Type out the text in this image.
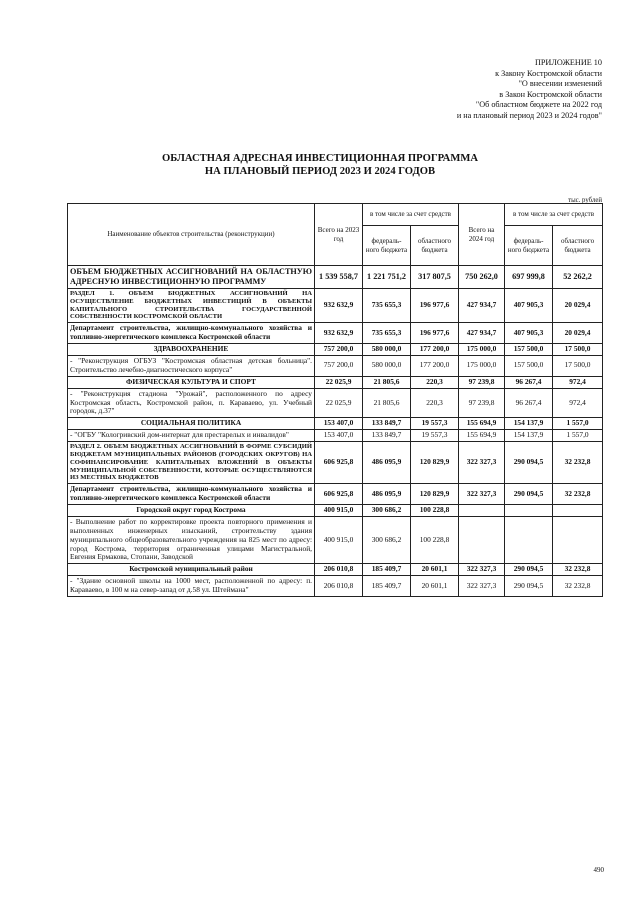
ПРИЛОЖЕНИЕ 10
к Закону Костромской области
"О внесении изменений
в Закон Костромской области
"Об областном бюджете на 2022 год
и на плановый период 2023 и 2024 годов"
ОБЛАСТНАЯ АДРЕСНАЯ ИНВЕСТИЦИОННАЯ ПРОГРАММА
НА ПЛАНОВЫЙ ПЕРИОД 2023 И 2024 ГОДОВ
тыс. рублей
Наименование объектов строительства (реконструкции)	Всего на 2023 год	в том числе за счет средств		Всего на 2024 год	в том числе за счет средств	
		федераль-ного бюджета	областного бюджета		федераль-ного бюджета	областного бюджета
ОБЪЕМ БЮДЖЕТНЫХ АССИГНОВАНИЙ НА ОБЛАСТНУЮ АДРЕСНУЮ ИНВЕСТИЦИОННУЮ ПРОГРАММУ	1 539 558,7	1 221 751,2	317 807,5	750 262,0	697 999,8	52 262,2
РАЗДЕЛ 1. ОБЪЕМ БЮДЖЕТНЫХ АССИГНОВАНИЙ НА ОСУЩЕСТВЛЕНИЕ БЮДЖЕТНЫХ ИНВЕСТИЦИЙ В ОБЪЕКТЫ КАПИТАЛЬНОГО СТРОИТЕЛЬСТВА ГОСУДАРСТВЕННОЙ СОБСТВЕННОСТИ КОСТРОМСКОЙ ОБЛАСТИ	932 632,9	735 655,3	196 977,6	427 934,7	407 905,3	20 029,4
Департамент строительства, жилищно-коммунального хозяйства и топливно-энергетического комплекса Костромской области	932 632,9	735 655,3	196 977,6	427 934,7	407 905,3	20 029,4
ЗДРАВООХРАНЕНИЕ	757 200,0	580 000,0	177 200,0	175 000,0	157 500,0	17 500,0
- "Реконструкция ОГБУЗ "Костромская областная детская больница". Строительство лечебно-диагностического корпуса"	757 200,0	580 000,0	177 200,0	175 000,0	157 500,0	17 500,0
ФИЗИЧЕСКАЯ КУЛЬТУРА И СПОРТ	22 025,9	21 805,6	220,3	97 239,8	96 267,4	972,4
- "Реконструкция стадиона "Урожай", расположенного по адресу Костромская область, Костромской район, п. Караваево, ул. Учебный городок, д.37"	22 025,9	21 805,6	220,3	97 239,8	96 267,4	972,4
СОЦИАЛЬНАЯ ПОЛИТИКА	153 407,0	133 849,7	19 557,3	155 694,9	154 137,9	1 557,0
- "ОГБУ "Кологривский дом-интернат для престарелых и инвалидов"	153 407,0	133 849,7	19 557,3	155 694,9	154 137,9	1 557,0
РАЗДЕЛ 2. ОБЪЕМ БЮДЖЕТНЫХ АССИГНОВАНИЙ В ФОРМЕ СУБСИДИЙ БЮДЖЕТАМ МУНИЦИПАЛЬНЫХ РАЙОНОВ (ГОРОДСКИХ ОКРУГОВ) НА СОФИНАНСИРОВАНИЕ КАПИТАЛЬНЫХ ВЛОЖЕНИЙ В ОБЪЕКТЫ МУНИЦИПАЛЬНОЙ СОБСТВЕННОСТИ, КОТОРЫЕ ОСУЩЕСТВЛЯЮТСЯ ИЗ МЕСТНЫХ БЮДЖЕТОВ	606 925,8	486 095,9	120 829,9	322 327,3	290 094,5	32 232,8
Департамент строительства, жилищно-коммунального хозяйства и топливно-энергетического комплекса Костромской области	606 925,8	486 095,9	120 829,9	322 327,3	290 094,5	32 232,8
Городской округ город Кострома	400 915,0	300 686,2	100 228,8			
- Выполнение работ по корректировке проекта повторного применения и выполненных инженерных изысканий, строительству здания муниципального общеобразовательного учреждения на 825 мест по адресу: город Кострома, территория ограниченная улицами Магистральной, Евгения Ермакова, Стопани, Заводской	400 915,0	300 686,2	100 228,8			
Костромской муниципальный район	206 010,8	185 409,7	20 601,1	322 327,3	290 094,5	32 232,8
- "Здание основной школы на 1000 мест, расположенной по адресу: п. Караваево, в 100 м на север-запад от д.58 ул. Штеймана"	206 010,8	185 409,7	20 601,1	322 327,3	290 094,5	32 232,8
490
